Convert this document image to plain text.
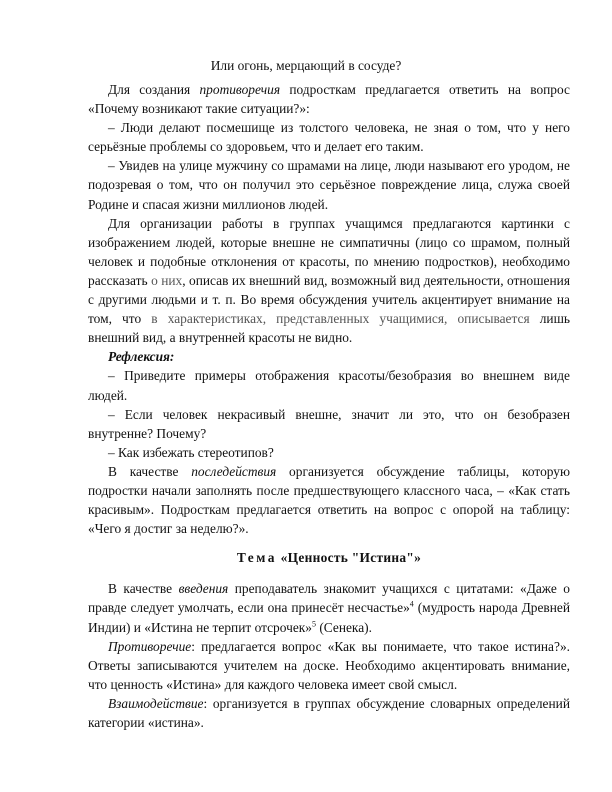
Или огонь, мерцающий в сосуде?

Для создания противоречия подросткам предлагается ответить на вопрос «Почему возникают такие ситуации?»:

– Люди делают посмешище из толстого человека, не зная о том, что у него серьёзные проблемы со здоровьем, что и делает его таким.

– Увидев на улице мужчину со шрамами на лице, люди называют его уродом, не подозревая о том, что он получил это серьёзное повреждение лица, служа своей Родине и спасая жизни миллионов людей.

Для организации работы в группах учащимся предлагаются картинки с изображением людей, которые внешне не симпатичны (лицо со шрамом, полный человек и подобные отклонения от красоты, по мнению подростков), необходимо рассказать о них, описав их внешний вид, возможный вид деятельности, отношения с другими людьми и т. п. Во время обсуждения учитель акцентирует внимание на том, что в характеристиках, представленных учащимися, описывается лишь внешний вид, а внутренней красоты не видно.

Рефлексия:

– Приведите примеры отображения красоты/безобразия во внешнем виде людей.

– Если человек некрасивый внешне, значит ли это, что он безобразен внутренне? Почему?

– Как избежать стереотипов?

В качестве последействия организуется обсуждение таблицы, которую подростки начали заполнять после предшествующего классного часа, – «Как стать красивым». Подросткам предлагается ответить на вопрос с опорой на таблицу: «Чего я достиг за неделю?».

Тема «Ценность "Истина"»

В качестве введения преподаватель знакомит учащихся с цитатами: «Даже о правде следует умолчать, если она принесёт несчастье»$^4$ (мудрость народа Древней Индии) и «Истина не терпит отсрочек»$^5$ (Сенека).

Противоречие: предлагается вопрос «Как вы понимаете, что такое истина?». Ответы записываются учителем на доске. Необходимо акцентировать внимание, что ценность «Истина» для каждого человека имеет свой смысл.

Взаимодействие: организуется в группах обсуждение словарных определений категории «истина».
